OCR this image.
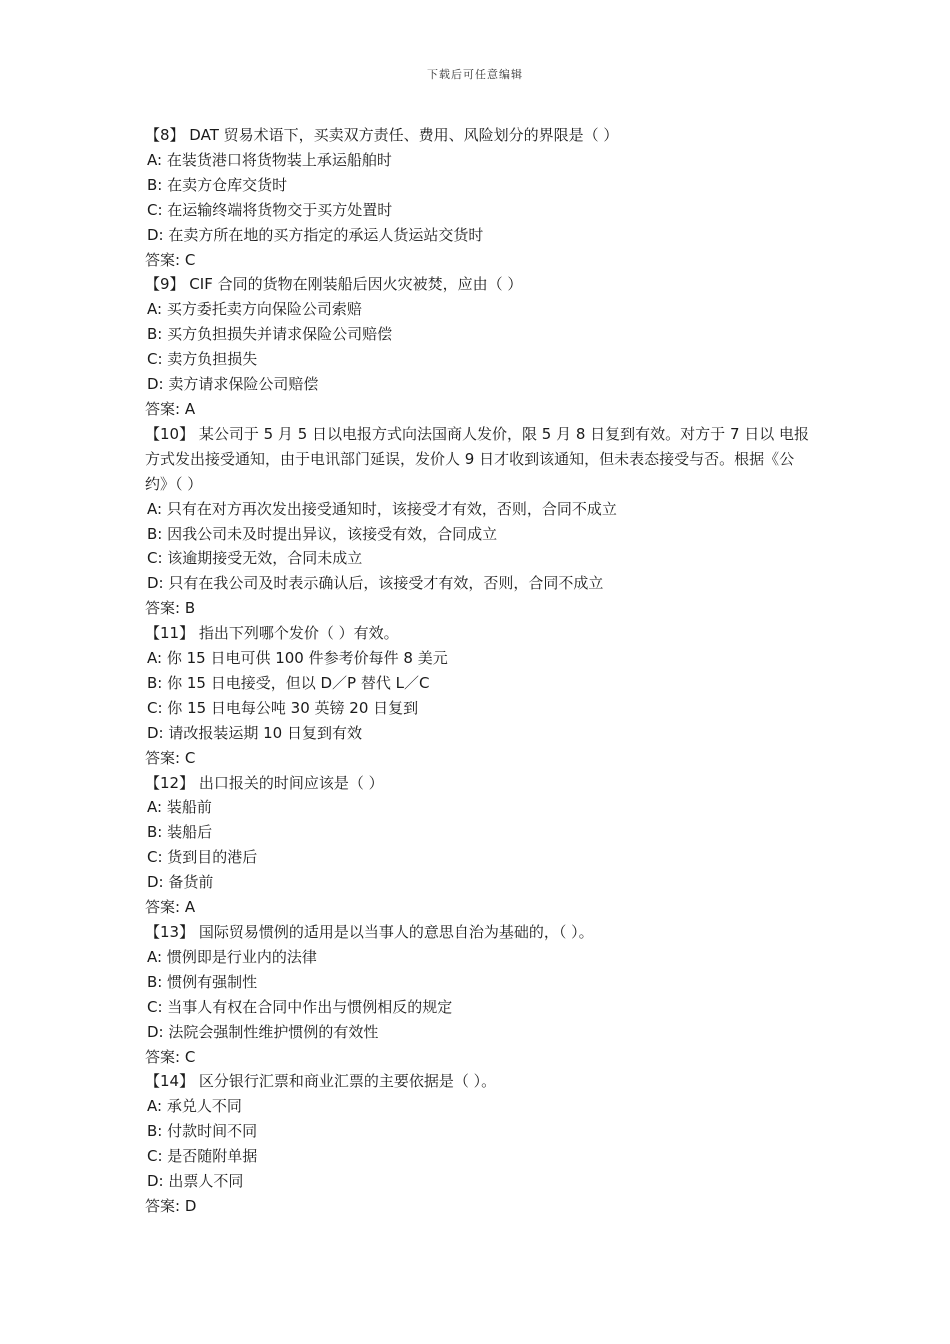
下载后可任意编辑

【8】 DAT 贸易术语下，买卖双方责任、费用、风险划分的界限是（ ）

A: 在装货港口将货物装上承运船舶时

B: 在卖方仓库交货时

C: 在运输终端将货物交于买方处置时

D: 在卖方所在地的买方指定的承运人货运站交货时

答案: C

【9】 CIF 合同的货物在刚装船后因火灾被焚，应由（ ）

A: 买方委托卖方向保险公司索赔

B: 买方负担损失并请求保险公司赔偿

C: 卖方负担损失

D: 卖方请求保险公司赔偿

答案: A

【10】 某公司于 5 月 5 日以电报方式向法国商人发价，限 5 月 8 日复到有效。对方于 7 日以 电报方式发出接受通知，由于电讯部门延误，发价人 9 日才收到该通知，但未表态接受与否。根据《公约》（ ）

A: 只有在对方再次发出接受通知时，该接受才有效，否则，合同不成立

B: 因我公司未及时提出异议，该接受有效，合同成立

C: 该逾期接受无效，合同未成立

D: 只有在我公司及时表示确认后，该接受才有效，否则，合同不成立

答案: B

【11】 指出下列哪个发价（ ）有效。

A: 你 15 日电可供 100 件参考价每件 8 美元

B: 你 15 日电接受，但以 D／P 替代 L／C

C: 你 15 日电每公吨 30 英镑 20 日复到

D: 请改报装运期 10 日复到有效

答案: C

【12】 出口报关的时间应该是（ ）

A: 装船前

B: 装船后

C: 货到目的港后

D: 备货前

答案: A

【13】 国际贸易惯例的适用是以当事人的意思自治为基础的，（ ）。

A: 惯例即是行业内的法律

B: 惯例有强制性

C: 当事人有权在合同中作出与惯例相反的规定

D: 法院会强制性维护惯例的有效性

答案: C

【14】 区分银行汇票和商业汇票的主要依据是（ ）。

A: 承兑人不同

B: 付款时间不同

C: 是否随附单据

D: 出票人不同

答案: D
